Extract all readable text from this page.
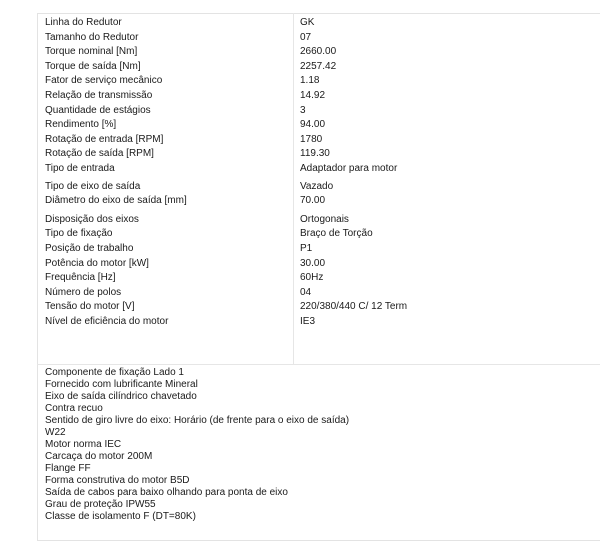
Linha do Redutor	GK
Tamanho do Redutor	07
Torque nominal [Nm]	2660.00
Torque de saída [Nm]	2257.42
Fator de serviço mecânico	1.18
Relação de transmissão	14.92
Quantidade de estágios	3
Rendimento [%]	94.00
Rotação de entrada [RPM]	1780
Rotação de saída [RPM]	119.30
Tipo de entrada	Adaptador para motor
Tipo de eixo de saída	Vazado
Diâmetro do eixo de saída [mm]	70.00
Disposição dos eixos	Ortogonais
Tipo de fixação	Braço de Torção
Posição de trabalho	P1
Potência do motor [kW]	30.00
Frequência [Hz]	60Hz
Número de polos	04
Tensão do motor [V]	220/380/440 C/ 12 Term
Nível de eficiência do motor	IE3
Componente de fixação Lado 1
Fornecido com lubrificante Mineral
Eixo de saída cilíndrico chavetado
Contra recuo
Sentido de giro livre do eixo: Horário (de frente para o eixo de saída)
W22
Motor norma IEC
Carcaça do motor 200M
Flange FF
Forma construtiva do motor B5D
Saída de cabos para baixo olhando para ponta de eixo
Grau de proteção IPW55
Classe de isolamento F (DT=80K)
